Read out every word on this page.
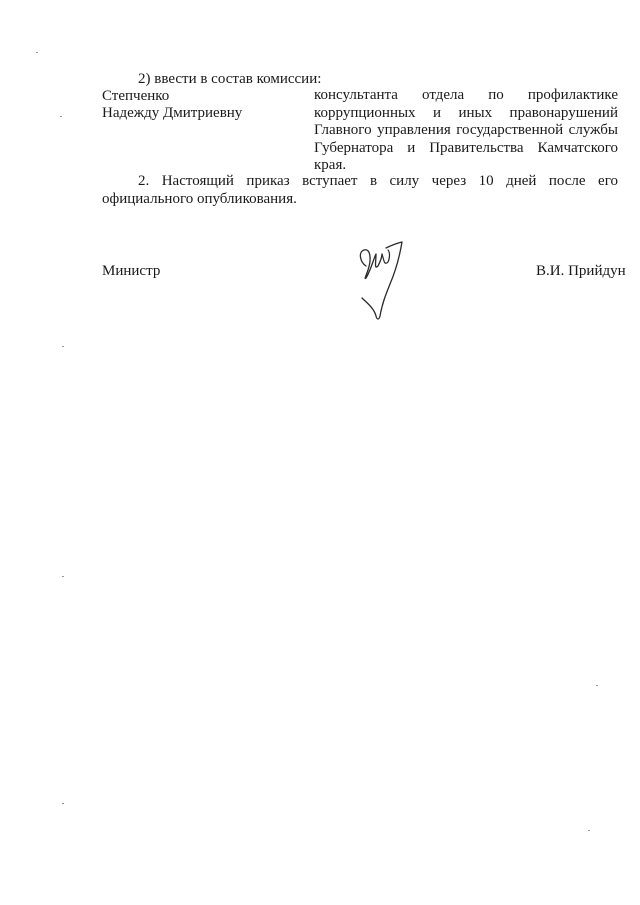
2) ввести в состав комиссии:
Степченко
Надежду Дмитриевну
консультанта отдела по профилактике
коррупционных и иных правонарушений
Главного управления государственной службы
Губернатора и Правительства Камчатского
края.
2. Настоящий приказ вступает в силу через 10 дней после его
официального опубликования.
Министр	В.И. Прийдун
